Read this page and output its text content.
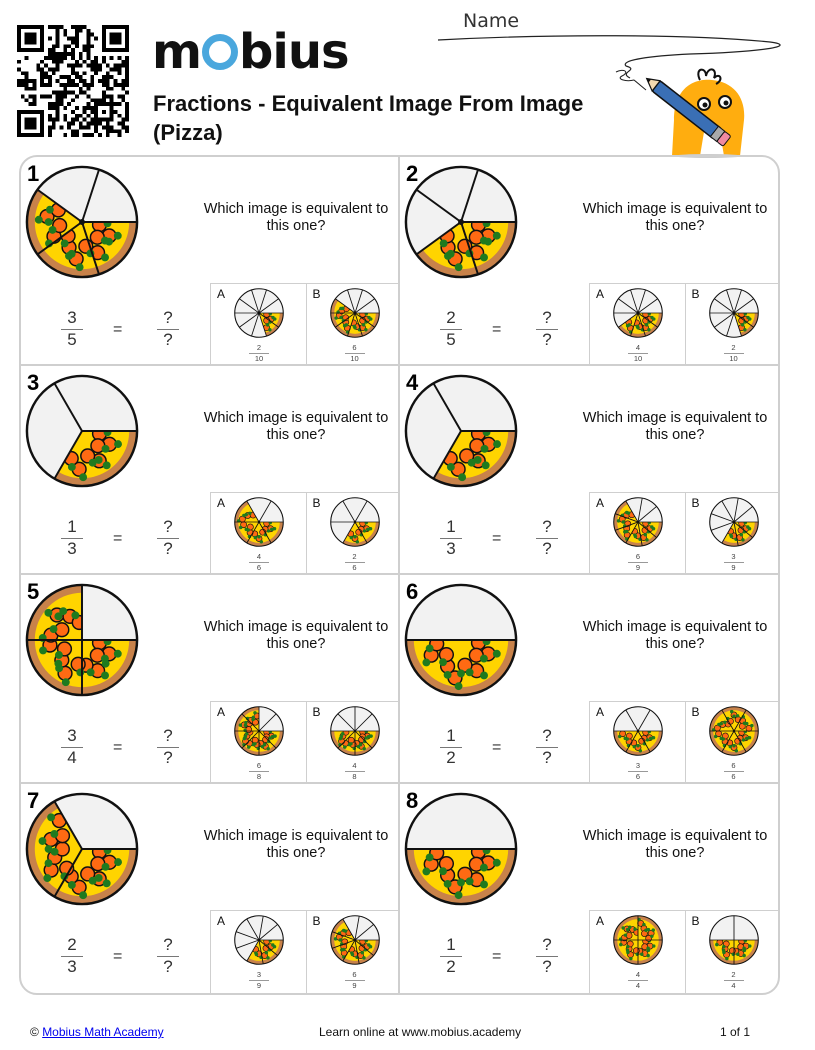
m bius
Fractions - Equivalent Image From Image (Pizza)
Name
1
Which image is equivalent to this one?
3
5
=
?
?
A
2
10
B
6
10
2
Which image is equivalent to this one?
2
5
=
?
?
A
4
10
B
2
10
3
Which image is equivalent to this one?
1
3
=
?
?
A
4
6
B
2
6
4
Which image is equivalent to this one?
1
3
=
?
?
A
6
9
B
3
9
5
Which image is equivalent to this one?
3
4
=
?
?
A
6
8
B
4
8
6
Which image is equivalent to this one?
1
2
=
?
?
A
3
6
B
6
6
7
Which image is equivalent to this one?
2
3
=
?
?
A
3
9
B
6
9
8
Which image is equivalent to this one?
1
2
=
?
?
A
4
4
B
2
4
© Mobius Math Academy	Learn online at www.mobius.academy	1 of 1
